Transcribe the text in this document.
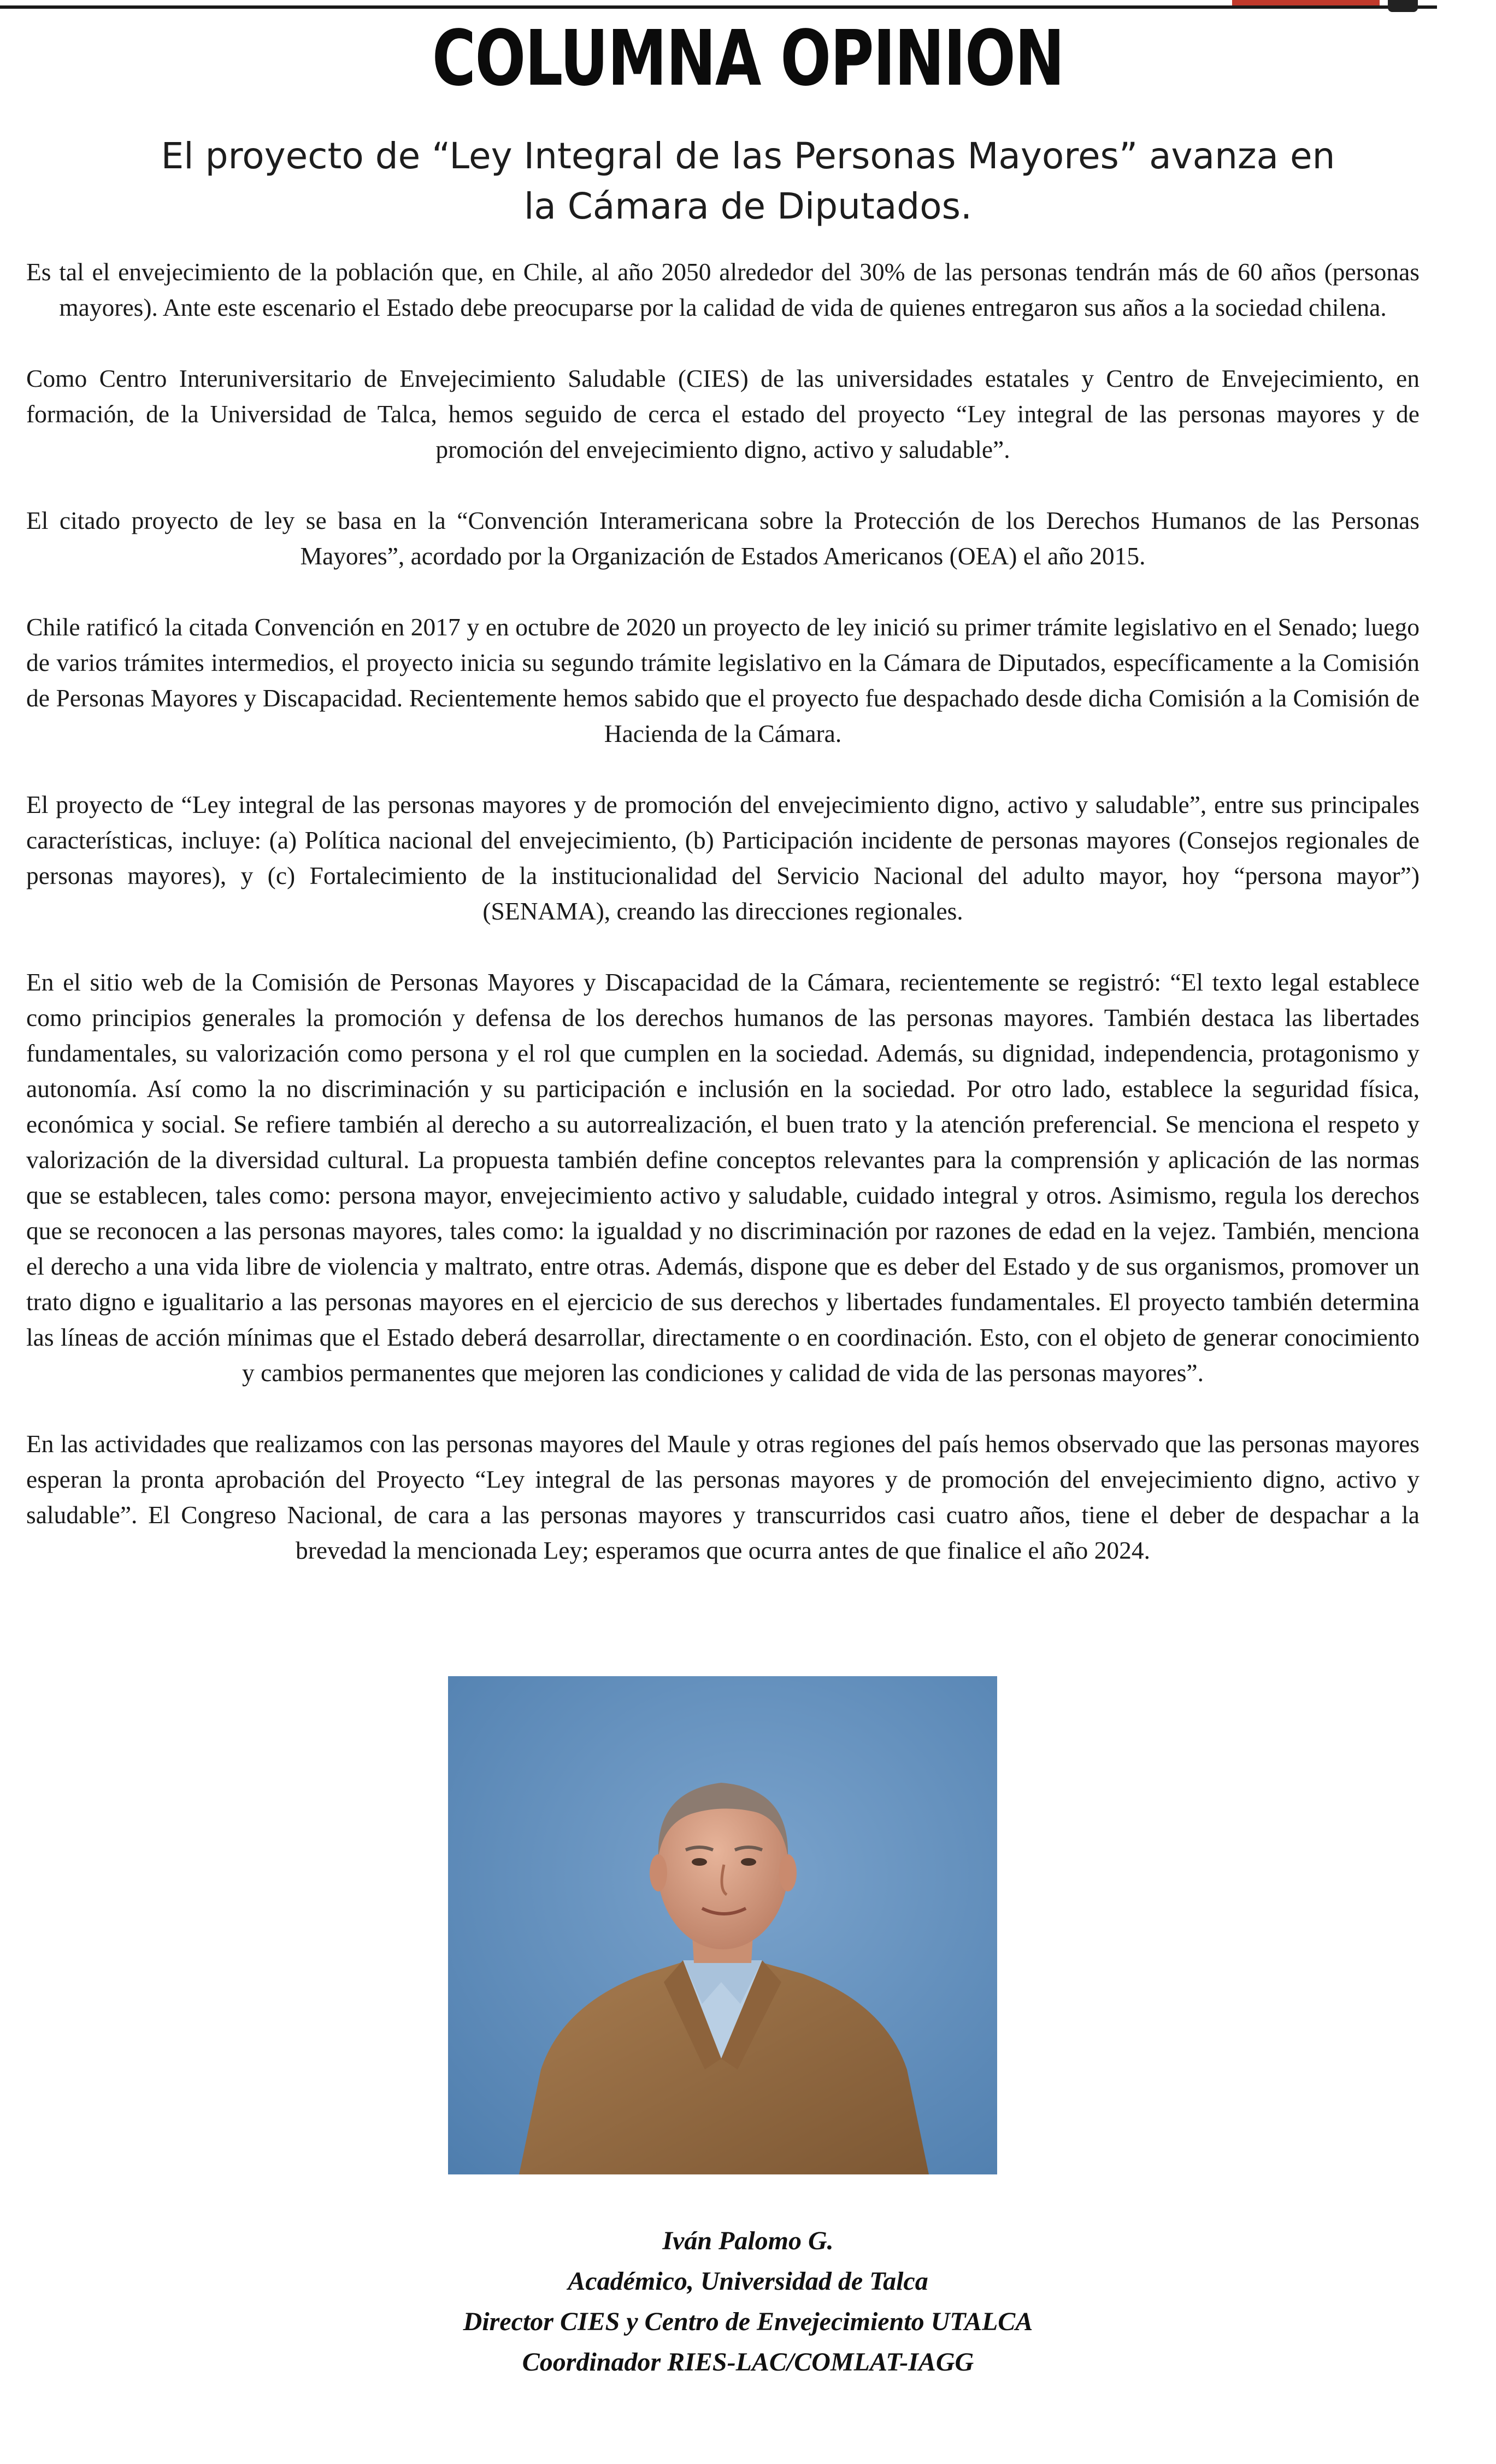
COLUMNA OPINION
El proyecto de “Ley Integral de las Personas Mayores” avanza en
la Cámara de Diputados.

Es tal el envejecimiento de la población que, en Chile, al año 2050 alrededor del 30% de las personas tendrán más de 60 años (personas mayores). Ante este escenario el Estado debe preocuparse por la calidad de vida de quienes entregaron sus años a la sociedad chilena.

Como Centro Interuniversitario de Envejecimiento Saludable (CIES) de las universidades estatales y Centro de Envejecimiento, en formación, de la Universidad de Talca, hemos seguido de cerca el estado del proyecto “Ley integral de las personas mayores y de promoción del envejecimiento digno, activo y saludable”.

El citado proyecto de ley se basa en la “Convención Interamericana sobre la Protección de los Derechos Humanos de las Personas Mayores”, acordado por la Organización de Estados Americanos (OEA) el año 2015.

Chile ratificó la citada Convención en 2017 y en octubre de 2020 un proyecto de ley inició su primer trámite legislativo en el Senado; luego de varios trámites intermedios, el proyecto inicia su segundo trámite legislativo en la Cámara de Diputados, específicamente a la Comisión de Personas Mayores y Discapacidad. Recientemente hemos sabido que el proyecto fue despachado desde dicha Comisión a la Comisión de Hacienda de la Cámara.

El proyecto de “Ley integral de las personas mayores y de promoción del envejecimiento digno, activo y saludable”, entre sus principales características, incluye: (a) Política nacional del envejecimiento, (b) Participación incidente de personas mayores (Consejos regionales de personas mayores), y (c) Fortalecimiento de la institucionalidad del Servicio Nacional del adulto mayor, hoy “persona mayor”) (SENAMA), creando las direcciones regionales.

En el sitio web de la Comisión de Personas Mayores y Discapacidad de la Cámara, recientemente se registró: “El texto legal establece como principios generales la promoción y defensa de los derechos humanos de las personas mayores. También destaca las libertades fundamentales, su valorización como persona y el rol que cumplen en la sociedad. Además, su dignidad, independencia, protagonismo y autonomía. Así como la no discriminación y su participación e inclusión en la sociedad. Por otro lado, establece la seguridad física, económica y social. Se refiere también al derecho a su autorrealización, el buen trato y la atención preferencial. Se menciona el respeto y valorización de la diversidad cultural. La propuesta también define conceptos relevantes para la comprensión y aplicación de las normas que se establecen, tales como: persona mayor, envejecimiento activo y saludable, cuidado integral y otros. Asimismo, regula los derechos que se reconocen a las personas mayores, tales como: la igualdad y no discriminación por razones de edad en la vejez. También, menciona el derecho a una vida libre de violencia y maltrato, entre otras. Además, dispone que es deber del Estado y de sus organismos, promover un trato digno e igualitario a las personas mayores en el ejercicio de sus derechos y libertades fundamentales. El proyecto también determina las líneas de acción mínimas que el Estado deberá desarrollar, directamente o en coordinación. Esto, con el objeto de generar conocimiento y cambios permanentes que mejoren las condiciones y calidad de vida de las personas mayores”.

En las actividades que realizamos con las personas mayores del Maule y otras regiones del país hemos observado que las personas mayores esperan la pronta aprobación del Proyecto “Ley integral de las personas mayores y de promoción del envejecimiento digno, activo y saludable”. El Congreso Nacional, de cara a las personas mayores y transcurridos casi cuatro años, tiene el deber de despachar a la brevedad la mencionada Ley; esperamos que ocurra antes de que finalice el año 2024.

Iván Palomo G.
Académico, Universidad de Talca
Director CIES y Centro de Envejecimiento UTALCA
Coordinador RIES-LAC/COMLAT-IAGG
